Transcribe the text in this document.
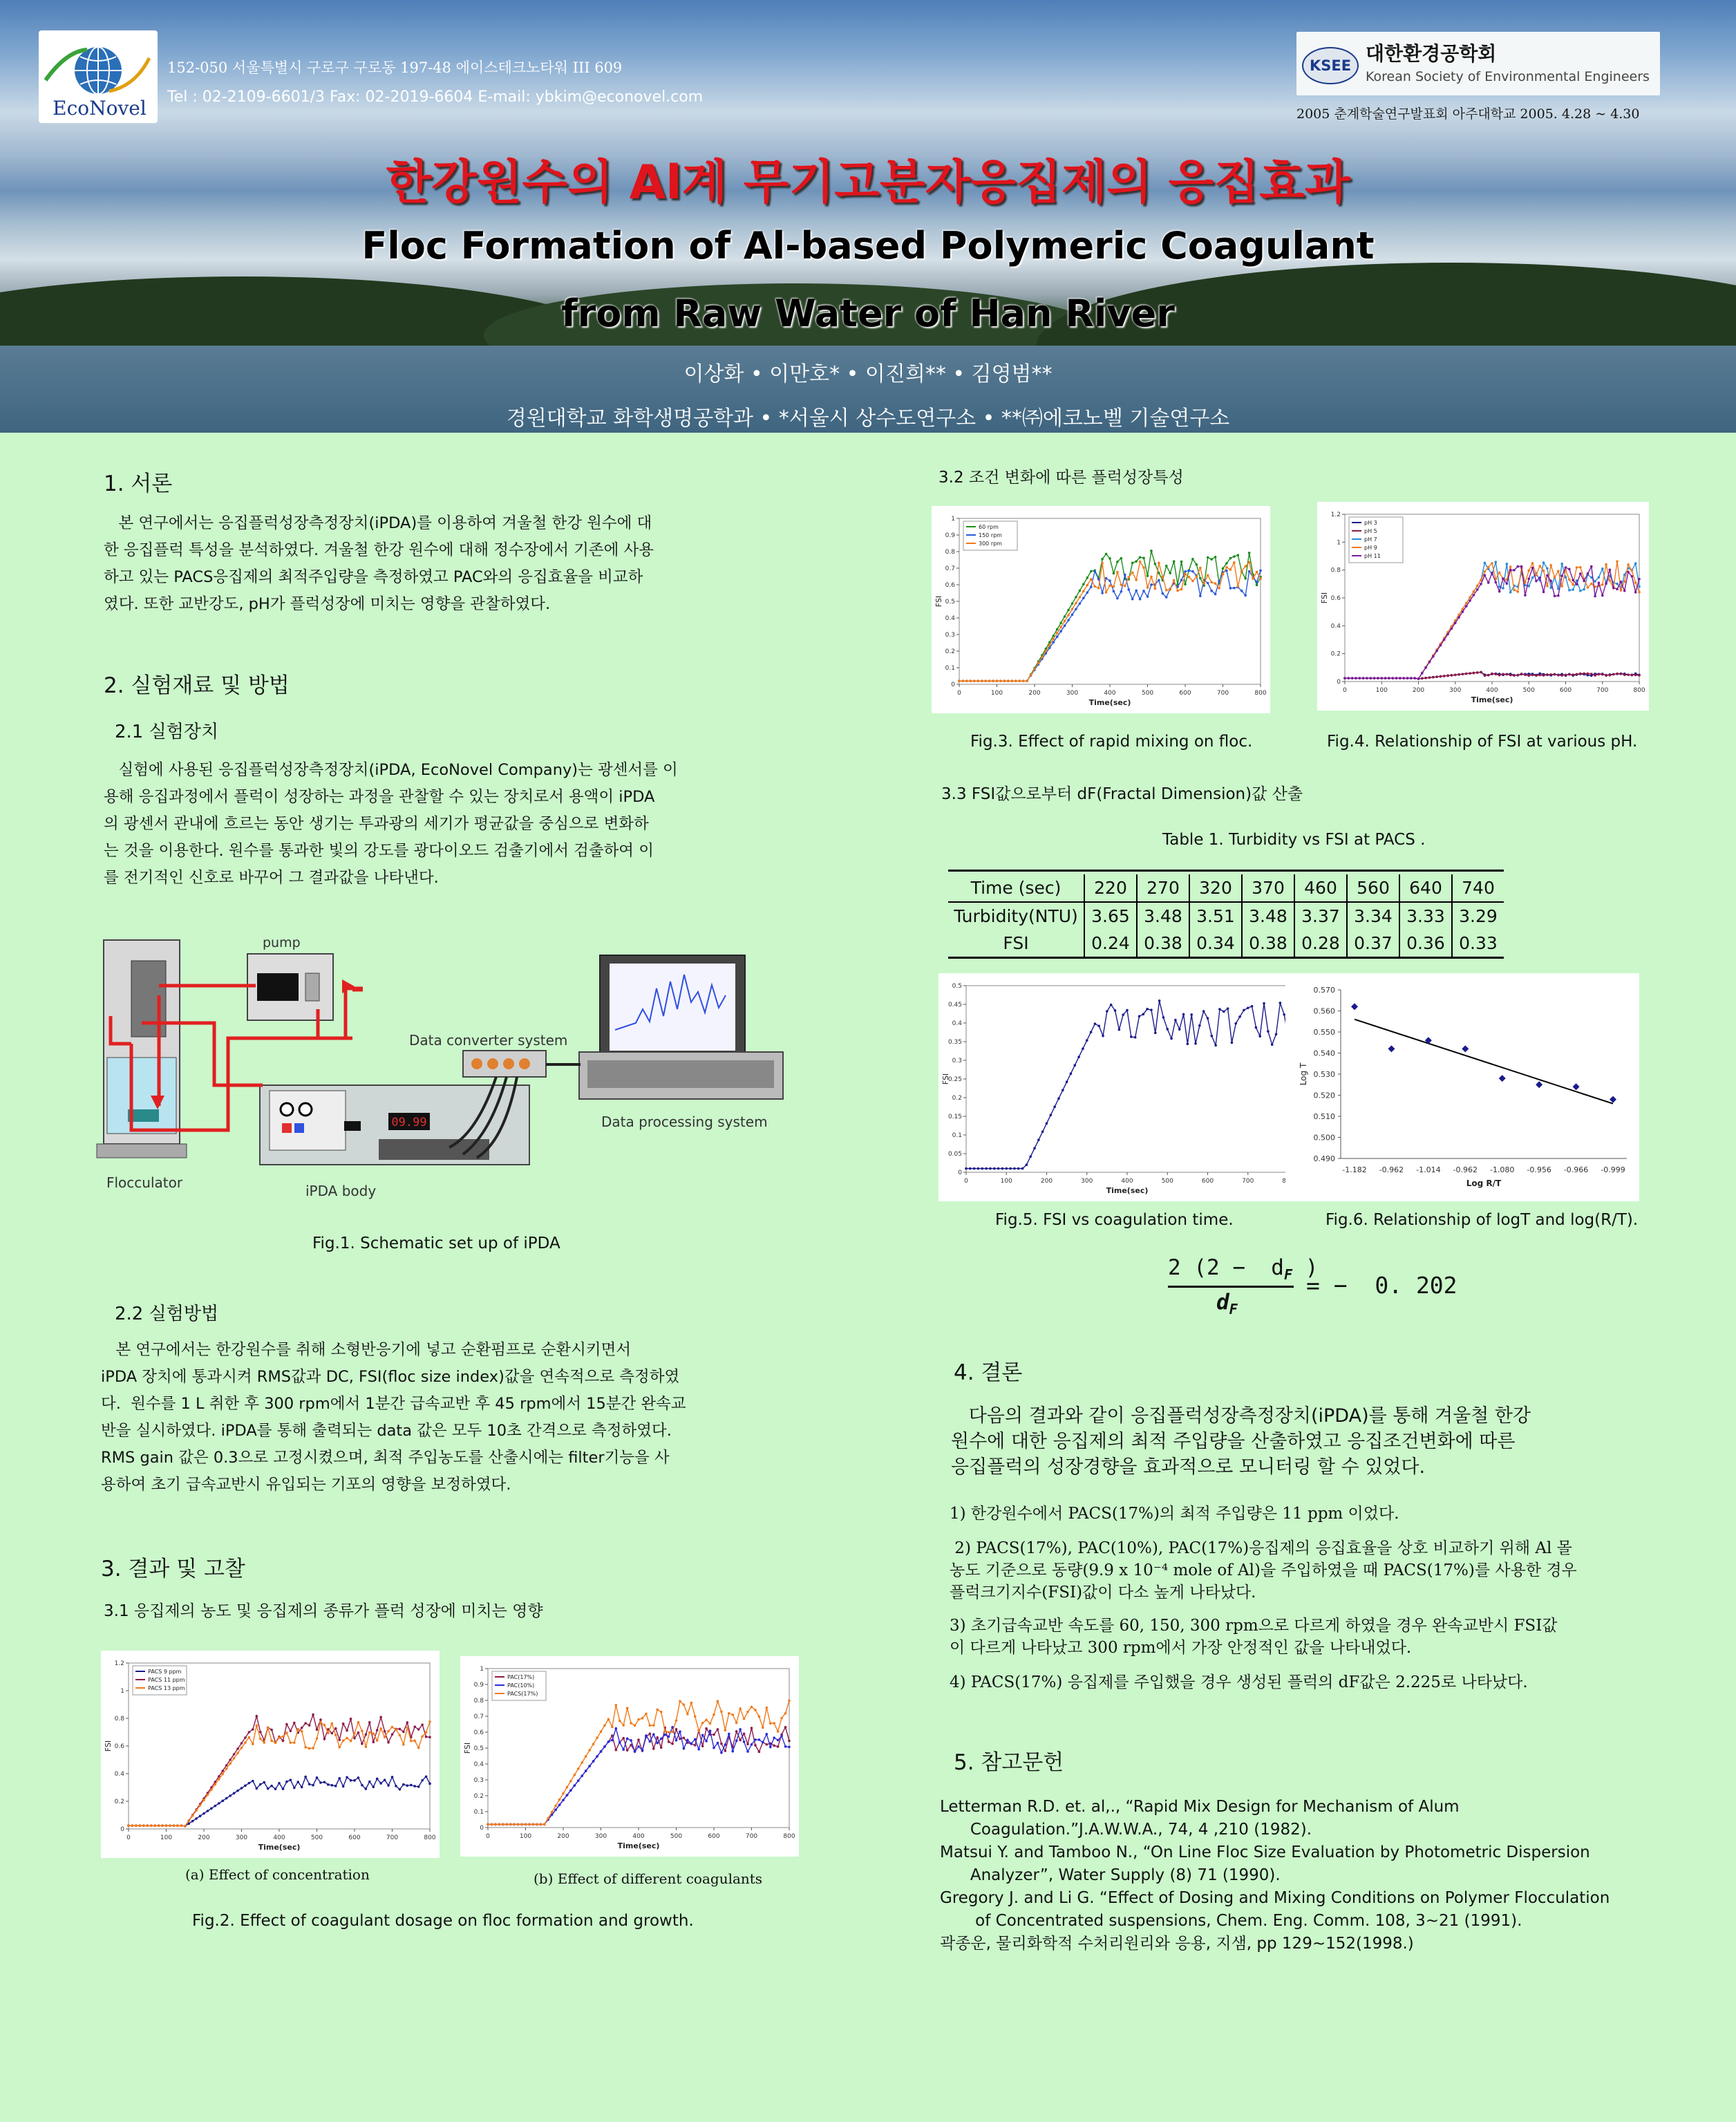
EcoNovel
152-050 서울특별시 구로구 구로동 197-48 에이스테크노타워 III 609
Tel : 02-2109-6601/3 Fax: 02-2019-6604 E-mail: ybkim@econovel.com
KSEE
대한환경공학회
Korean Society of Environmental Engineers
2005 춘계학술연구발표회 아주대학교 2005. 4.28 ~ 4.30
한강원수의 Al계 무기고분자응집제의 응집효과
Floc Formation of Al-based Polymeric Coagulant
from Raw Water of Han River
이상화 • 이만호* • 이진희** • 김영범**
경원대학교 화학생명공학과 • *서울시 상수도연구소 • **㈜에코노벨 기술연구소
1. 서론
본 연구에서는 응집플럭성장측정장치(iPDA)를 이용하여 겨울철 한강 원수에 대
한 응집플럭 특성을 분석하였다. 겨울철 한강 원수에 대해 정수장에서 기존에 사용
하고 있는 PACS응집제의 최적주입량을 측정하였고 PAC와의 응집효율을 비교하
였다. 또한 교반강도, pH가 플럭성장에 미치는 영향을 관찰하였다.
2. 실험재료 및 방법
2.1 실험장치
실험에 사용된 응집플럭성장측정장치(iPDA, EcoNovel Company)는 광센서를 이
용해 응집과정에서 플럭이 성장하는 과정을 관찰할 수 있는 장치로서 용액이 iPDA
의 광센서 관내에 흐르는 동안 생기는 투과광의 세기가 평균값을 중심으로 변화하
는 것을 이용한다. 원수를 통과한 빛의 강도를 광다이오드 검출기에서 검출하여 이
를 전기적인 신호로 바꾸어 그 결과값을 나타낸다.
09.99
pump
Data converter system
Data processing system
Flocculator	iPDA body
Fig.1. Schematic set up of iPDA
2.2 실험방법
본 연구에서는 한강원수를 취해 소형반응기에 넣고 순환펌프로 순환시키면서
iPDA 장치에 통과시켜 RMS값과 DC, FSI(floc size index)값을 연속적으로 측정하였
다.  원수를 1 L 취한 후 300 rpm에서 1분간 급속교반 후 45 rpm에서 15분간 완속교
반을 실시하였다. iPDA를 통해 출력되는 data 값은 모두 10초 간격으로 측정하였다.
RMS gain 값은 0.3으로 고정시켰으며, 최적 주입농도를 산출시에는 filter기능을 사
용하여 초기 급속교반시 유입되는 기포의 영향을 보정하였다.
3. 결과 및 고찰
3.1 응집제의 농도 및 응집제의 종류가 플럭 성장에 미치는 영향
0
0.2
0.4
0.6
0.8
1
1.2
0	100	200	300	400	500	600	700	800
Time(sec)
FSI
PACS 9 ppm
PACS 11 ppm
PACS 13 ppm
0
0.1
0.2
0.3
0.4
0.5
0.6
0.7
0.8
0.9
1
0	100	200	300	400	500	600	700	800
Time(sec)
FSI
PAC(17%)
PAC(10%)
PACS(17%)
(a) Effect of concentration	(b) Effect of different coagulants
Fig.2. Effect of coagulant dosage on floc formation and growth.
3.2 조건 변화에 따른 플럭성장특성
0
0.1
0.2
0.3
0.4
0.5
0.6
0.7
0.8
0.9
1
0	100	200	300	400	500	600	700	800
Time(sec)
FSI
60 rpm
150 rpm
300 rpm
0
0.2
0.4
0.6
0.8
1
1.2
0	100	200	300	400	500	600	700	800
Time(sec)
FSI
pH 3
pH 5
pH 7
pH 9
pH 11
Fig.3. Effect of rapid mixing on floc.	Fig.4. Relationship of FSI at various pH.
3.3 FSI값으로부터 dF(Fractal Dimension)값 산출
Table 1. Turbidity vs FSI at PACS .
Time (sec)	220	270	320	370	460	560	640	740
Turbidity(NTU)	3.65	3.48	3.51	3.48	3.37	3.34	3.33	3.29
FSI	0.24	0.38	0.34	0.38	0.28	0.37	0.36	0.33
0
0.05
0.1
0.15
0.2
0.25
0.3
0.35
0.4
0.45
0.5
0	100	200	300	400	500	600	700	800
Time(sec)
FSI
0.570
0.560
0.550
0.540
0.530
0.520
0.510
0.500
0.490
-1.182 -0.962 -1.014 -0.962 -1.080 -0.956 -0.966 -0.999
Log R/T
Log T
Fig.5. FSI vs coagulation time.	Fig.6. Relationship of logT and log(R/T).
2 ($2 - d_F$ )
$d_F$
= −  0. 202
4. 결론
다음의 결과와 같이 응집플럭성장측정장치(iPDA)를 통해 겨울철 한강
원수에 대한 응집제의 최적 주입량을 산출하였고 응집조건변화에 따른
응집플럭의 성장경향을 효과적으로 모니터링 할 수 있었다.
1) 한강원수에서 PACS(17%)의 최적 주입량은 11 ppm 이었다.
2) PACS(17%), PAC(10%), PAC(17%)응집제의 응집효율을 상호 비교하기 위해 Al 몰
농도 기준으로 동량(9.9 x 10⁻⁴ mole of Al)을 주입하였을 때 PACS(17%)를 사용한 경우
플럭크기지수(FSI)값이 다소 높게 나타났다.
3) 초기급속교반 속도를 60, 150, 300 rpm으로 다르게 하였을 경우 완속교반시 FSI값
이 다르게 나타났고 300 rpm에서 가장 안정적인 값을 나타내었다.
4) PACS(17%) 응집제를 주입했을 경우 생성된 플럭의 dF값은 2.225로 나타났다.
5. 참고문헌
Letterman R.D. et. al,., “Rapid Mix Design for Mechanism of Alum
Coagulation.”J.A.W.W.A., 74, 4 ,210 (1982).
Matsui Y. and Tamboo N., “On Line Floc Size Evaluation by Photometric Dispersion
Analyzer”, Water Supply (8) 71 (1990).
Gregory J. and Li G. “Effect of Dosing and Mixing Conditions on Polymer Flocculation
of Concentrated suspensions, Chem. Eng. Comm. 108, 3~21 (1991).
곽종운, 물리화학적 수처리원리와 응용, 지샘, pp 129~152(1998.)
